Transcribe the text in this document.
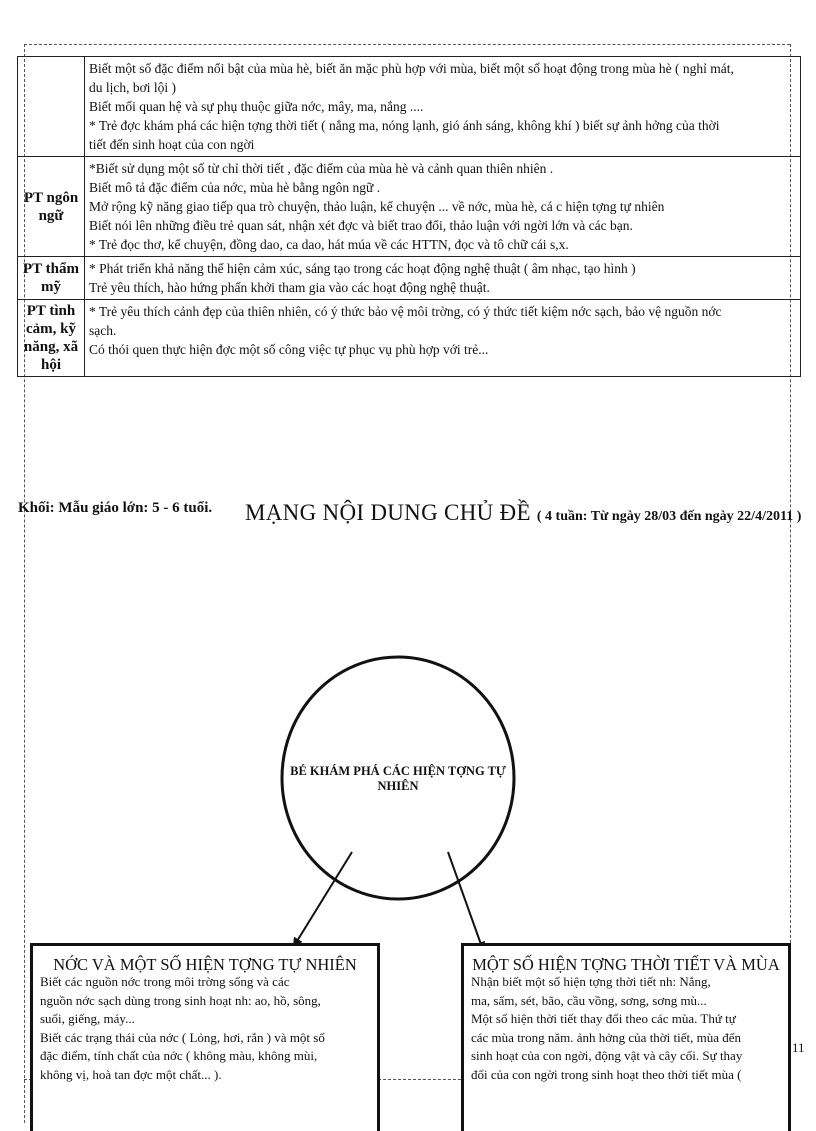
	Biết một số đặc điểm nổi bật của mùa hè, biết ăn mặc phù hợp với mùa, biết một số hoạt động trong mùa hè ( nghỉ mát,
du lịch, bơi lội )
Biết mối quan hệ và sự phụ thuộc giữa nớc, mây, ma, nắng ....
* Trẻ đợc khám phá các hiện tợng thời tiết ( nắng ma, nóng lạnh, gió ánh sáng, không khí ) biết sự ảnh hởng của thời
tiết đến sinh hoạt của con ngời

PT ngôn ngữ	*Biết sử dụng một số từ chỉ thời tiết , đặc điểm của mùa hè và cảnh quan thiên nhiên .
Biết mô tả đặc điểm của nớc, mùa hè bằng ngôn ngữ .
Mở rộng kỹ năng giao tiếp qua trò chuyện, thảo luận, kể chuyện ... về nớc, mùa hè, cá c hiện tợng tự nhiên
Biết nói lên những điều trẻ quan sát, nhận xét đợc và biết trao đổi, thảo luận với ngời lớn và các bạn.
* Trẻ đọc thơ, kể chuyện, đồng dao, ca dao, hát múa về các HTTN, đọc và tô chữ cái s,x.

PT thẩm mỹ	* Phát triển khả năng thể hiện cảm xúc, sáng tạo trong các hoạt động nghệ thuật ( âm nhạc, tạo hình )
Trẻ yêu thích, hào hứng phấn khởi tham gia vào các hoạt động nghệ thuật.

PT tình cảm, kỹ năng, xã hội	* Trẻ yêu thích cảnh đẹp của thiên nhiên, có ý thức bảo vệ môi trờng, có ý thức tiết kiệm nớc sạch, bảo vệ nguồn nớc
sạch.
Có thói quen thực hiện đợc một số công việc tự phục vụ phù hợp với trẻ...
Khối: Mẫu giáo lớn: 5 - 6 tuổi. MẠNG NỘI DUNG CHỦ ĐỀ ( 4 tuần: Từ ngày 28/03 đến ngày 22/4/2011 )
BÉ KHÁM PHÁ CÁC HIỆN TỢNG TỰ NHIÊN
NỚC VÀ MỘT SỐ HIỆN TỢNG TỰ NHIÊN
Biết các nguồn nớc trong môi trờng sống và các
nguồn nớc sạch dùng trong sinh hoạt nh: ao, hồ, sông,
suối, giếng, máy...
Biết các trạng thái của nớc ( Lỏng, hơi, rắn ) và một số
đặc điểm, tính chất của nớc ( không màu, không mùi,
không vị, hoà tan đợc một chất... ).
MỘT SỐ HIỆN TỢNG THỜI TIẾT VÀ MÙA
Nhận biết một số hiện tợng thời tiết nh: Nắng,
ma, sấm, sét, bão, cầu vồng, sơng, sơng mù...
Một số hiện thời tiết thay đổi theo các mùa. Thứ tự
các mùa trong năm. ảnh hởng của thời tiết, mùa đến
sinh hoạt của con ngời, động vật và cây cối. Sự thay
đổi của con ngời trong sinh hoạt theo thời tiết mùa (
11
